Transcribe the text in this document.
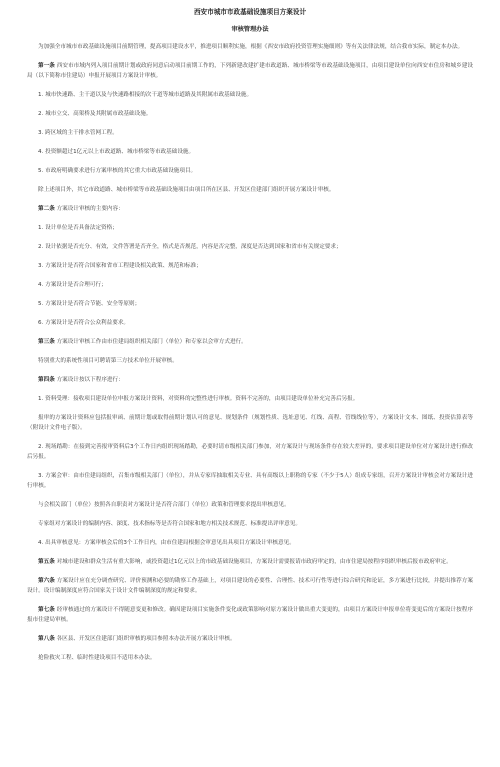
西安市城市市政基础设施项目方案设计
审核管理办法

为加强全市城市市政基础设施项目前期管理，提高项目建设水平，推进项目顺利实施，根据《西安市政府投资管理实施细则》等有关法律法规，结合我市实际，制定本办法。

第一条 西安市市域内列入项目前期计划或政府同意启动项目前期工作的，下列新建改建扩建市政道路、城市桥梁等市政基础设施项目，由项目建设单位向西安市住房和城乡建设局（以下简称市住建局）申报开展项目方案设计审核。

1. 城市快速路、主干道以及与快速路相接的次干道等城市道路及其附属市政基础设施。

2. 城市立交、高架桥及其附属市政基础设施。

3. 跨区域的主干排水管网工程。

4. 投资额超过1亿元以上市政道路、城市桥梁等市政基础设施。

5. 市政府明确要求进行方案审核的其它重大市政基础设施项目。

除上述项目外，其它市政道路、城市桥梁等市政基础设施项目由项目所在区县、开发区住建部门组织开展方案设计审核。

第二条 方案设计审核的主要内容：

1. 设计单位是否具备法定资格；

2. 设计依据是否充分、有效，文件答署是否齐全，格式是否规范，内容是否完整，深度是否达到国家和省市有关规定要求；

3. 方案设计是否符合国家和省市工程建设相关政策、规范和标准；

4. 方案设计是否合理可行；

5. 方案设计是否符合节能、安全等原则；

6. 方案设计是否符合公众利益要求。

第三条 方案设计审核工作由市住建局组织相关部门（单位）和专家以会审方式进行。

特别重大的系统性项目可聘请第三方技术单位开展审核。

第四条 方案设计按以下程序进行：

1. 资料受理：接收项目建设单位申报方案设计资料，对资料的完整性进行审核。资料不完善的，由项目建设单位补充完善后另报。

报审的方案设计资料应包括报审函、前期计划或取得前期计划认可的意见、规划条件（规划性质、选址意见、红线、高程、管线线位等），方案设计文本、图纸、投资估算表等（附设计文件电子版）。

2. 现场踏勘：在接到完善报审资料后3个工作日内组织现场踏勘，必要时请市级相关部门参加，对方案设计与现场条件存在较大差异的，要求项目建设单位对方案设计进行修改后另报。

3. 方案会审：由市住建局组织，召集市级相关部门（单位），并从专家库抽取相关专业、具有高级以上职称的专家（不少于5人）组成专家组，召开方案设计审核会对方案设计进行审核。

与会相关部门（单位）按照各自职责对方案设计是否符合部门（单位）政策和管理要求提出审核意见。

专家组对方案设计的编制内容、深度、技术指标等是否符合国家和地方相关技术规范、标准提出评审意见。

4. 出具审核意见：方案审核会后的3个工作日内，由市住建局根据会审意见出具项目方案设计审核意见。

第五条 对城市建设和群众生活有重大影响，或投资超过1亿元以上的市政基础设施项目，方案设计需要报请市政府审定的，由市住建局按程序组织审核后报市政府审定。

第六条 方案设计应在充分调查研究、评价预测和必要的勘察工作基础上，对项目建设的必要性、合理性、技术可行性等进行综合研究和论证，多方案进行比较，并提出推荐方案设计。设计编制深度应符合国家关于设计文件编制深度的规定和要求。

第七条 经审核通过的方案设计不得随意变更和修改。确因建设项目实施条件变化或政策影响对原方案设计做出重大变更的，由项目方案设计申报单位将变更后的方案设计按程序报市住建局审核。

第八条 各区县、开发区住建部门组织审核的项目参照本办法开展方案设计审核。

抢险救灾工程、临时性建设项目不适用本办法。
